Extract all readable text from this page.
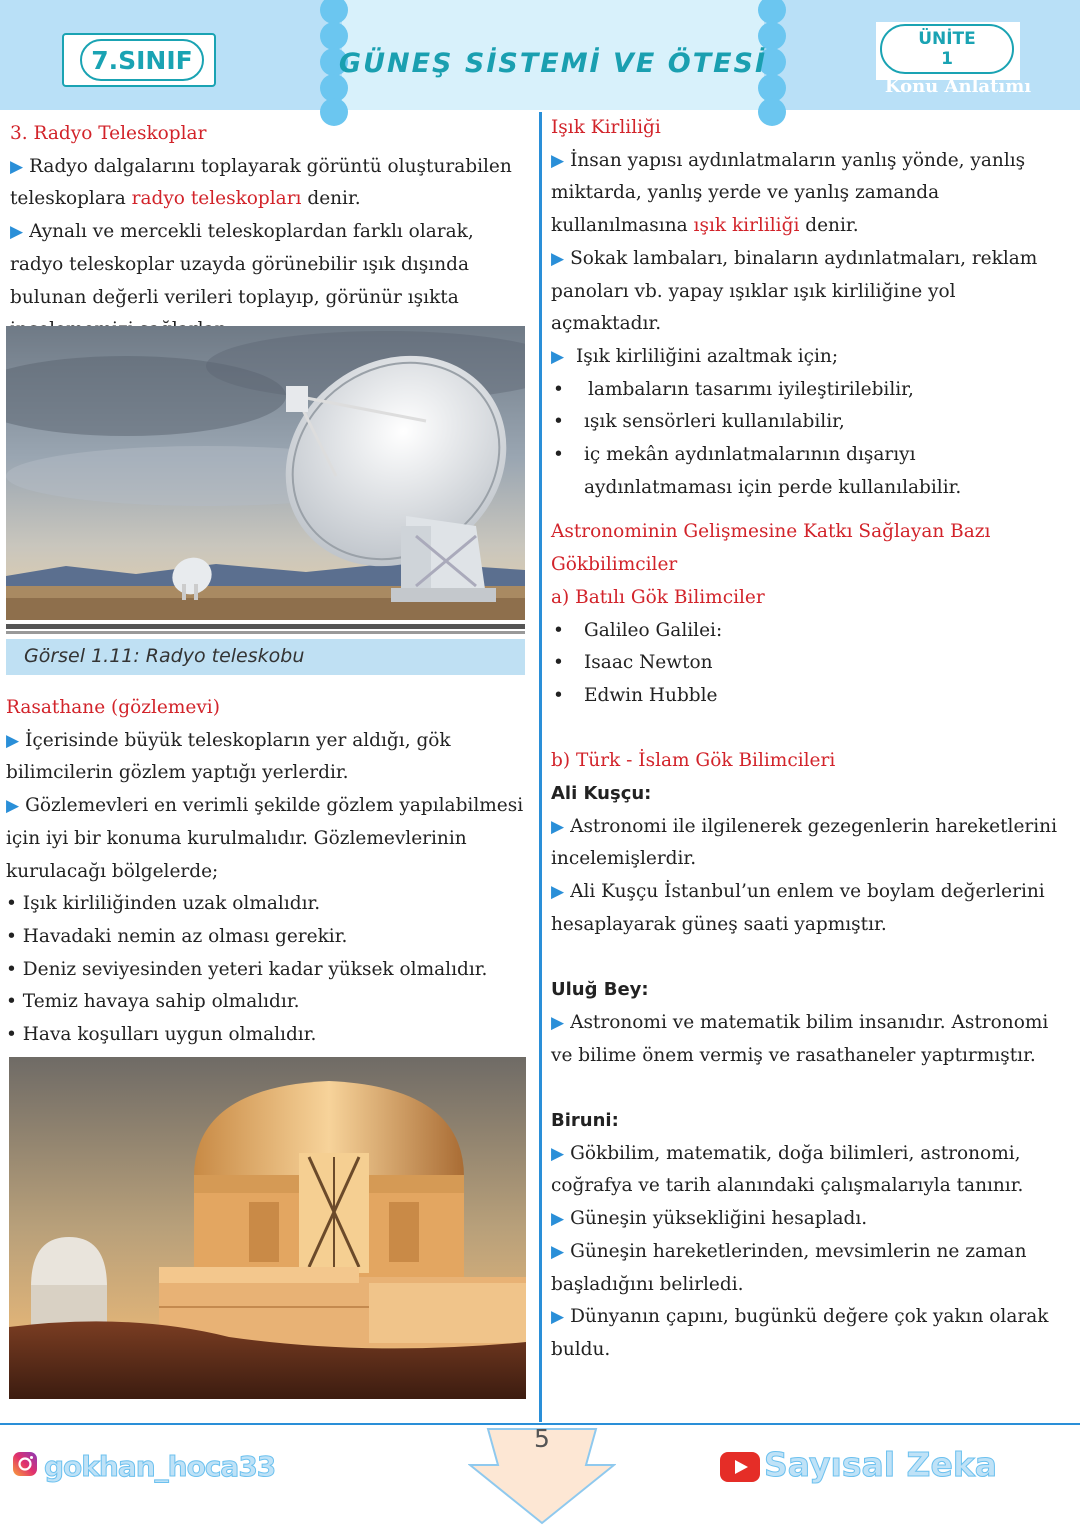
7.SINIF	GÜNEŞ SİSTEMİ VE ÖTESİ
ÜNİTE
1
Konu Anlatımı
3. Radyo Teleskoplar
▶ Radyo dalgalarını toplayarak görüntü oluşturabilen teleskoplara radyo teleskopları denir.
▶ Aynalı ve mercekli teleskoplardan farklı olarak, radyo teleskoplar uzayda görünebilir ışık dışında bulunan değerli verileri toplayıp, görünür ışıkta
Görsel 1.11: Radyo teleskobu
Rasathane (gözlemevi)
▶ İçerisinde büyük teleskopların yer aldığı, gök bilimcilerin gözlem yaptığı yerlerdir.
▶ Gözlemevleri en verimli şekilde gözlem yapılabilmesi için iyi bir konuma kurulmalıdır. Gözlemevlerinin kurulacağı bölgelerde;
• Işık kirliliğinden uzak olmalıdır.
• Havadaki nemin az olması gerekir.
• Deniz seviyesinden yeteri kadar yüksek olmalıdır.
• Temiz havaya sahip olmalıdır.
• Hava koşulları uygun olmalıdır.
Işık Kirliliği
▶ İnsan yapısı aydınlatmaların yanlış yönde, yanlış miktarda, yanlış yerde ve yanlış zamanda kullanılmasına ışık kirliliği denir.
▶ Sokak lambaları, binaların aydınlatmaları, reklam panoları vb. yapay ışıklar ışık kirliliğine yol açmaktadır.
▶ Işık kirliliğini azaltmak için;
• lambaların tasarımı iyileştirilebilir,
• ışık sensörleri kullanılabilir,
• iç mekân aydınlatmalarının dışarıyı aydınlatmaması için perde kullanılabilir.
Astronominin Gelişmesine Katkı Sağlayan Bazı Gökbilimciler
a) Batılı Gök Bilimciler
• Galileo Galilei:
• Isaac Newton
• Edwin Hubble
b) Türk - İslam Gök Bilimcileri
Ali Kuşçu:
▶ Astronomi ile ilgilenerek gezegenlerin hareketlerini incelemişlerdir.
▶ Ali Kuşçu İstanbul’un enlem ve boylam değerlerini hesaplayarak güneş saati yapmıştır.
Uluğ Bey:
▶ Astronomi ve matematik bilim insanıdır. Astronomi ve bilime önem vermiş ve rasathaneler yaptırmıştır.
Biruni:
▶ Gökbilim, matematik, doğa bilimleri, astronomi, coğrafya ve tarih alanındaki çalışmalarıyla tanınır.
▶ Güneşin yüksekliğini hesapladı.
▶ Güneşin hareketlerinden, mevsimlerin ne zaman başladığını belirledi.
▶ Dünyanın çapını, bugünkü değere çok yakın olarak buldu.
5
gokhan_hoca33	Sayısal Zeka
